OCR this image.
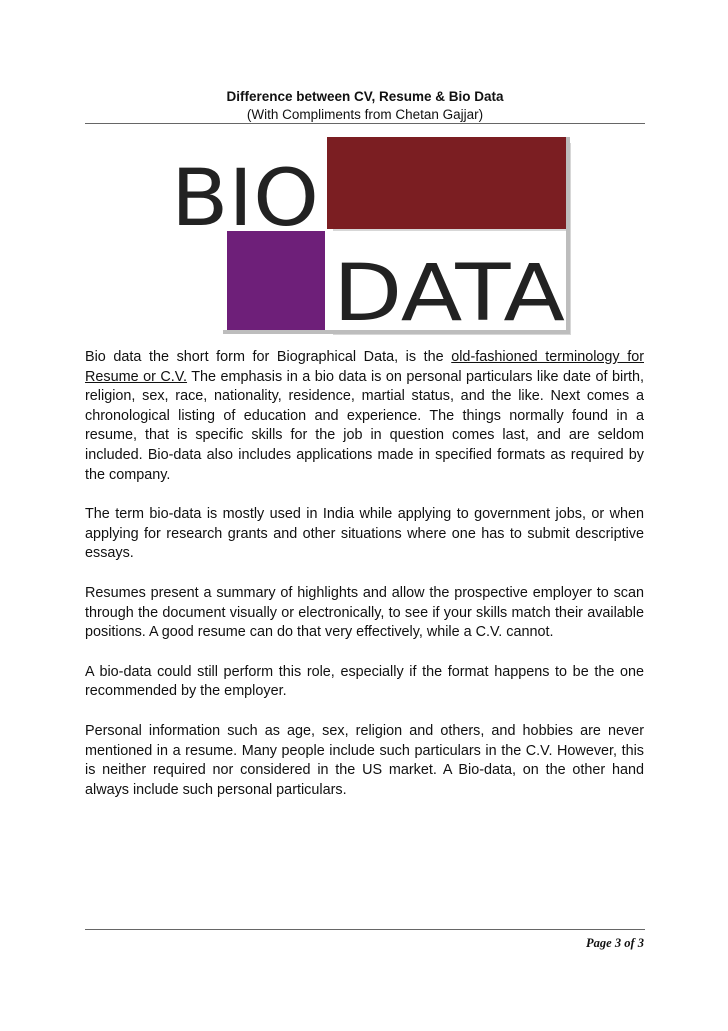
Difference between CV, Resume & Bio Data
(With Compliments from Chetan Gajjar)
BIO
DATA

Bio data the short form for Biographical Data, is the old-fashioned terminology for Resume or C.V. The emphasis in a bio data is on personal particulars like date of birth, religion, sex, race, nationality, residence, martial status, and the like. Next comes a chronological listing of education and experience. The things normally found in a resume, that is specific skills for the job in question comes last, and are seldom included. Bio-data also includes applications made in specified formats as required by the company.

The term bio-data is mostly used in India while applying to government jobs, or when applying for research grants and other situations where one has to submit descriptive essays.

Resumes present a summary of highlights and allow the prospective employer to scan through the document visually or electronically, to see if your skills match their available positions. A good resume can do that very effectively, while a C.V. cannot.

A bio-data could still perform this role, especially if the format happens to be the one recommended by the employer.

Personal information such as age, sex, religion and others, and hobbies are never mentioned in a resume. Many people include such particulars in the C.V. However, this is neither required nor considered in the US market. A Bio-data, on the other hand always include such personal particulars.

Page 3 of 3
